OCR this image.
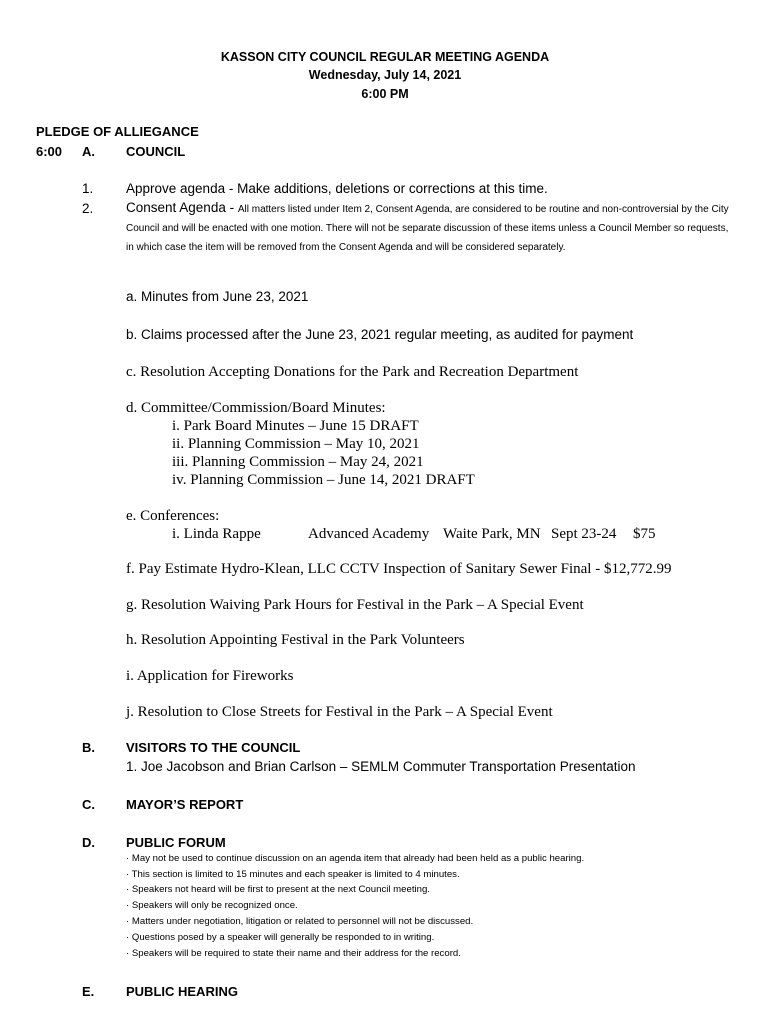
KASSON CITY COUNCIL REGULAR MEETING AGENDA
Wednesday, July 14, 2021
6:00 PM
PLEDGE OF ALLIEGANCE
6:00 A. COUNCIL
1. Approve agenda - Make additions, deletions or corrections at this time.
2. Consent Agenda - All matters listed under Item 2, Consent Agenda, are considered to be routine and non-controversial by the City Council and will be enacted with one motion. There will not be separate discussion of these items unless a Council Member so requests, in which case the item will be removed from the Consent Agenda and will be considered separately.
a. Minutes from June 23, 2021
b. Claims processed after the June 23, 2021 regular meeting, as audited for payment
c. Resolution Accepting Donations for the Park and Recreation Department
d. Committee/Commission/Board Minutes:
i. Park Board Minutes – June 15 DRAFT
ii. Planning Commission – May 10, 2021
iii. Planning Commission – May 24, 2021
iv. Planning Commission – June 14, 2021 DRAFT
e. Conferences:
i. Linda Rappe	Advanced Academy Waite Park, MN Sept 23-24 $75
f. Pay Estimate Hydro-Klean, LLC CCTV Inspection of Sanitary Sewer Final - $12,772.99
g. Resolution Waiving Park Hours for Festival in the Park – A Special Event
h. Resolution Appointing Festival in the Park Volunteers
i. Application for Fireworks
j. Resolution to Close Streets for Festival in the Park – A Special Event
B. VISITORS TO THE COUNCIL
1. Joe Jacobson and Brian Carlson – SEMLM Commuter Transportation Presentation
C. MAYOR’S REPORT
D. PUBLIC FORUM
· May not be used to continue discussion on an agenda item that already had been held as a public hearing.
· This section is limited to 15 minutes and each speaker is limited to 4 minutes.
· Speakers not heard will be first to present at the next Council meeting.
· Speakers will only be recognized once.
· Matters under negotiation, litigation or related to personnel will not be discussed.
· Questions posed by a speaker will generally be responded to in writing.
· Speakers will be required to state their name and their address for the record.
E. PUBLIC HEARING
